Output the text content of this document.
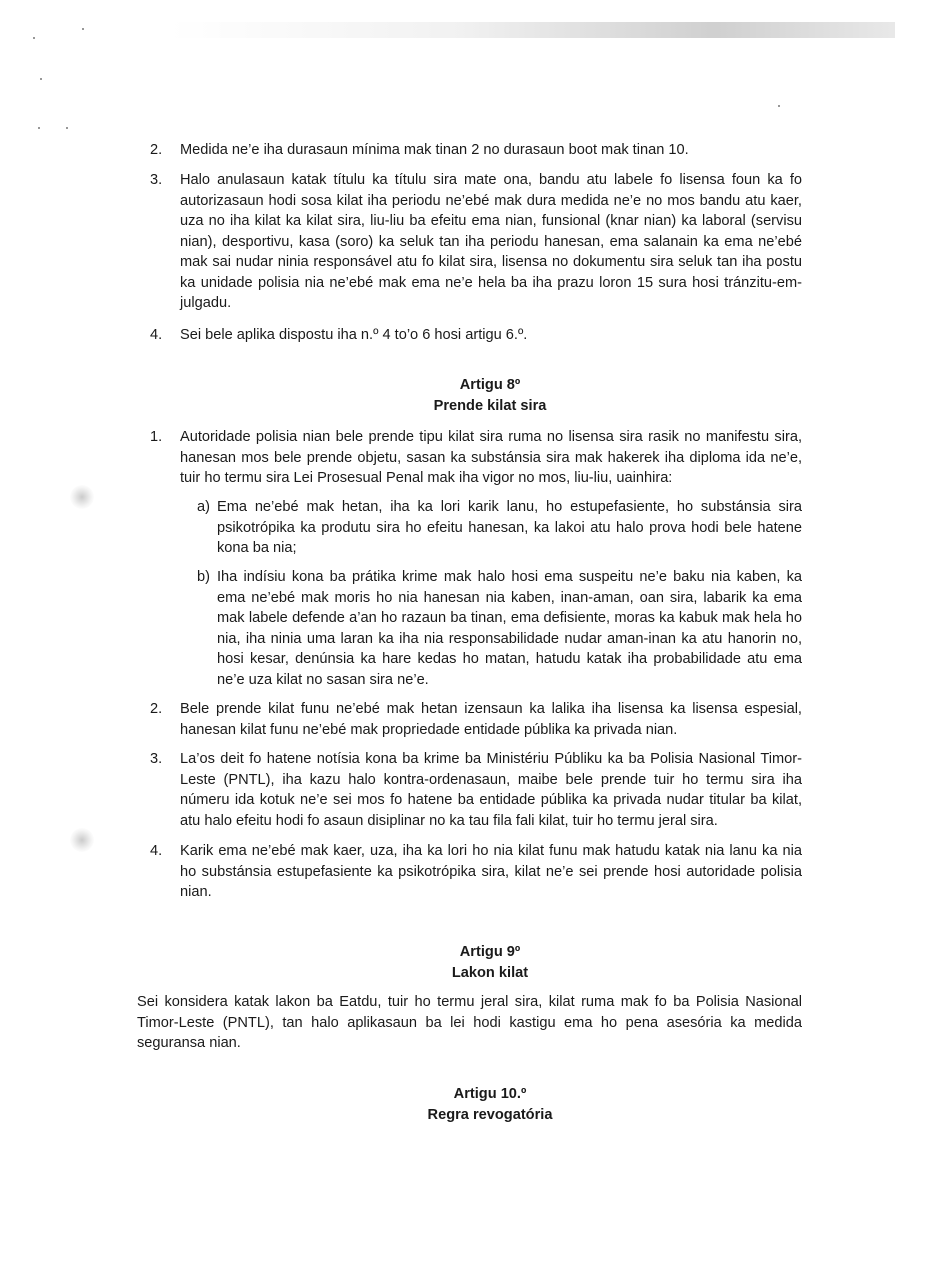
2. Medida ne’e iha durasaun mínima mak tinan 2 no durasaun boot mak tinan 10.
3. Halo anulasaun katak títulu ka títulu sira mate ona, bandu atu labele fo lisensa foun ka fo autorizasaun hodi sosa kilat iha periodu ne’ebé mak dura medida ne’e no mos bandu atu kaer, uza no iha kilat ka kilat sira, liu-liu ba efeitu ema nian, funsional (knar nian) ka laboral (servisu nian), desportivu, kasa (soro) ka seluk tan iha periodu hanesan, ema salanain ka ema ne’ebé mak sai nudar ninia responsável atu fo kilat sira, lisensa no dokumentu sira seluk tan iha postu ka unidade polisia nia ne’ebé mak ema ne’e hela ba iha prazu loron 15 sura hosi tránzitu-em-julgadu.
4. Sei bele aplika dispostu iha n.º 4 to’o 6 hosi artigu 6.º.
Artigu 8º
Prende kilat sira
1. Autoridade polisia nian bele prende tipu kilat sira ruma no lisensa sira rasik no manifestu sira, hanesan mos bele prende objetu, sasan ka substánsia sira mak hakerek iha diploma ida ne’e, tuir ho termu sira Lei Prosesual Penal mak iha vigor no mos, liu-liu, uainhira:
a) Ema ne’ebé mak hetan, iha ka lori karik lanu, ho estupefasiente, ho substánsia sira psikotrópika ka produtu sira ho efeitu hanesan, ka lakoi atu halo prova hodi bele hatene kona ba nia;
b) Iha indísiu kona ba prátika krime mak halo hosi ema suspeitu ne’e baku nia kaben, ka ema ne’ebé mak moris ho nia hanesan nia kaben, inan-aman, oan sira, labarik ka ema mak labele defende a’an ho razaun ba tinan, ema defisiente, moras ka kabuk mak hela ho nia, iha ninia uma laran ka iha nia responsabilidade nudar aman-inan ka atu hanorin no, hosi kesar, denúnsia ka hare kedas ho matan, hatudu katak iha probabilidade atu ema ne’e uza kilat no sasan sira ne’e.
2. Bele prende kilat funu ne’ebé mak hetan izensaun ka lalika iha lisensa ka lisensa espesial, hanesan kilat funu ne’ebé mak propriedade entidade públika ka privada nian.
3. La’os deit fo hatene notísia kona ba krime ba Ministériu Públiku ka ba Polisia Nasional Timor-Leste (PNTL), iha kazu halo kontra-ordenasaun, maibe bele prende tuir ho termu sira iha númeru ida kotuk ne’e sei mos fo hatene ba entidade públika ka privada nudar titular ba kilat, atu halo efeitu hodi fo asaun disiplinar no ka tau fila fali kilat, tuir ho termu jeral sira.
4. Karik ema ne’ebé mak kaer, uza, iha ka lori ho nia kilat funu mak hatudu katak nia lanu ka nia ho substánsia estupefasiente ka psikotrópika sira, kilat ne’e sei prende hosi autoridade polisia nian.
Artigu 9º
Lakon kilat
Sei konsidera katak lakon ba Eatdu, tuir ho termu jeral sira, kilat ruma mak fo ba Polisia Nasional Timor-Leste (PNTL), tan halo aplikasaun ba lei hodi kastigu ema ho pena asesória ka medida seguransa nian.
Artigu 10.º
Regra revogatória
